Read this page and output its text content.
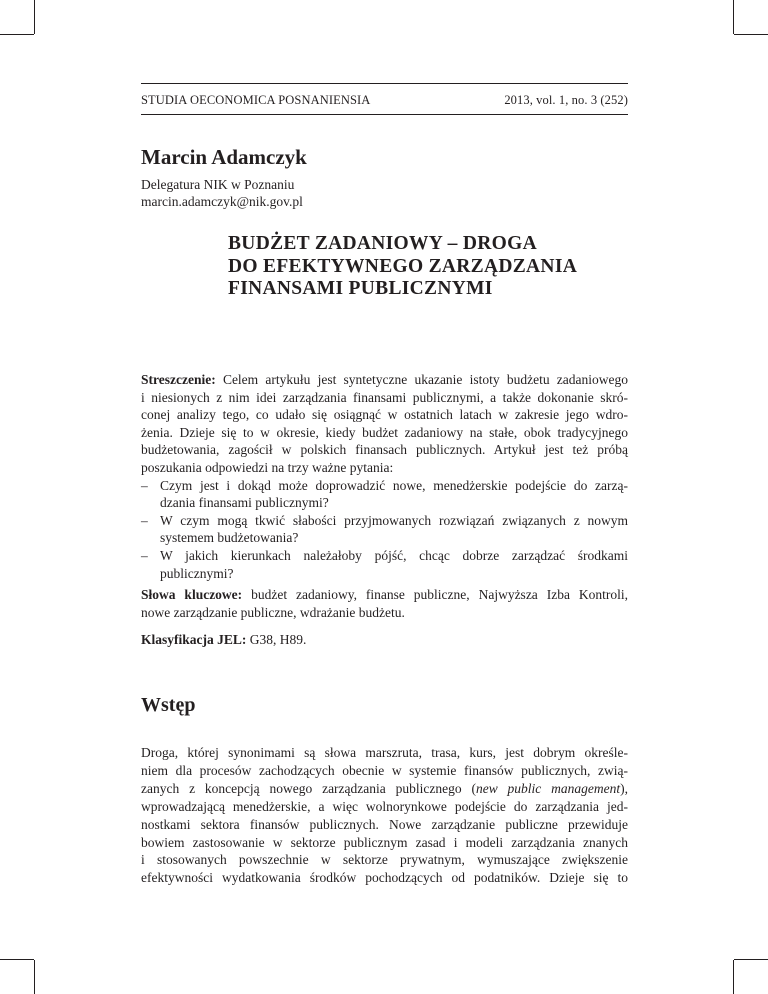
STUDIA OECONOMICA POSNANIENSIA	2013, vol. 1, no. 3 (252)
Marcin Adamczyk
Delegatura NIK w Poznaniu
marcin.adamczyk@nik.gov.pl
BUDŻET ZADANIOWY – DROGA
DO EFEKTYWNEGO ZARZĄDZANIA
FINANSAMI PUBLICZNYMI
Streszczenie: Celem artykułu jest syntetyczne ukazanie istoty budżetu zadaniowego
i niesionych z nim idei zarządzania finansami publicznymi, a także dokonanie skró-
conej analizy tego, co udało się osiągnąć w ostatnich latach w zakresie jego wdro-
żenia. Dzieje się to w okresie, kiedy budżet zadaniowy na stałe, obok tradycyjnego
budżetowania, zagościł w polskich finansach publicznych. Artykuł jest też próbą
poszukania odpowiedzi na trzy ważne pytania:
– Czym jest i dokąd może doprowadzić nowe, menedżerskie podejście do zarzą-
dzania finansami publicznymi?
– W czym mogą tkwić słabości przyjmowanych rozwiązań związanych z nowym
systemem budżetowania?
– W jakich kierunkach należałoby pójść, chcąc dobrze zarządzać środkami
publicznymi?
Słowa kluczowe: budżet zadaniowy, finanse publiczne, Najwyższa Izba Kontroli,
nowe zarządzanie publiczne, wdrażanie budżetu.
Klasyfikacja JEL: G38, H89.
Wstęp
Droga, której synonimami są słowa marszruta, trasa, kurs, jest dobrym określe-
niem dla procesów zachodzących obecnie w systemie finansów publicznych, zwią-
zanych z koncepcją nowego zarządzania publicznego (new public management),
wprowadzającą menedżerskie, a więc wolnorynkowe podejście do zarządzania jed-
nostkami sektora finansów publicznych. Nowe zarządzanie publiczne przewiduje
bowiem zastosowanie w sektorze publicznym zasad i modeli zarządzania znanych
i stosowanych powszechnie w sektorze prywatnym, wymuszające zwiększenie
efektywności wydatkowania środków pochodzących od podatników. Dzieje się to
